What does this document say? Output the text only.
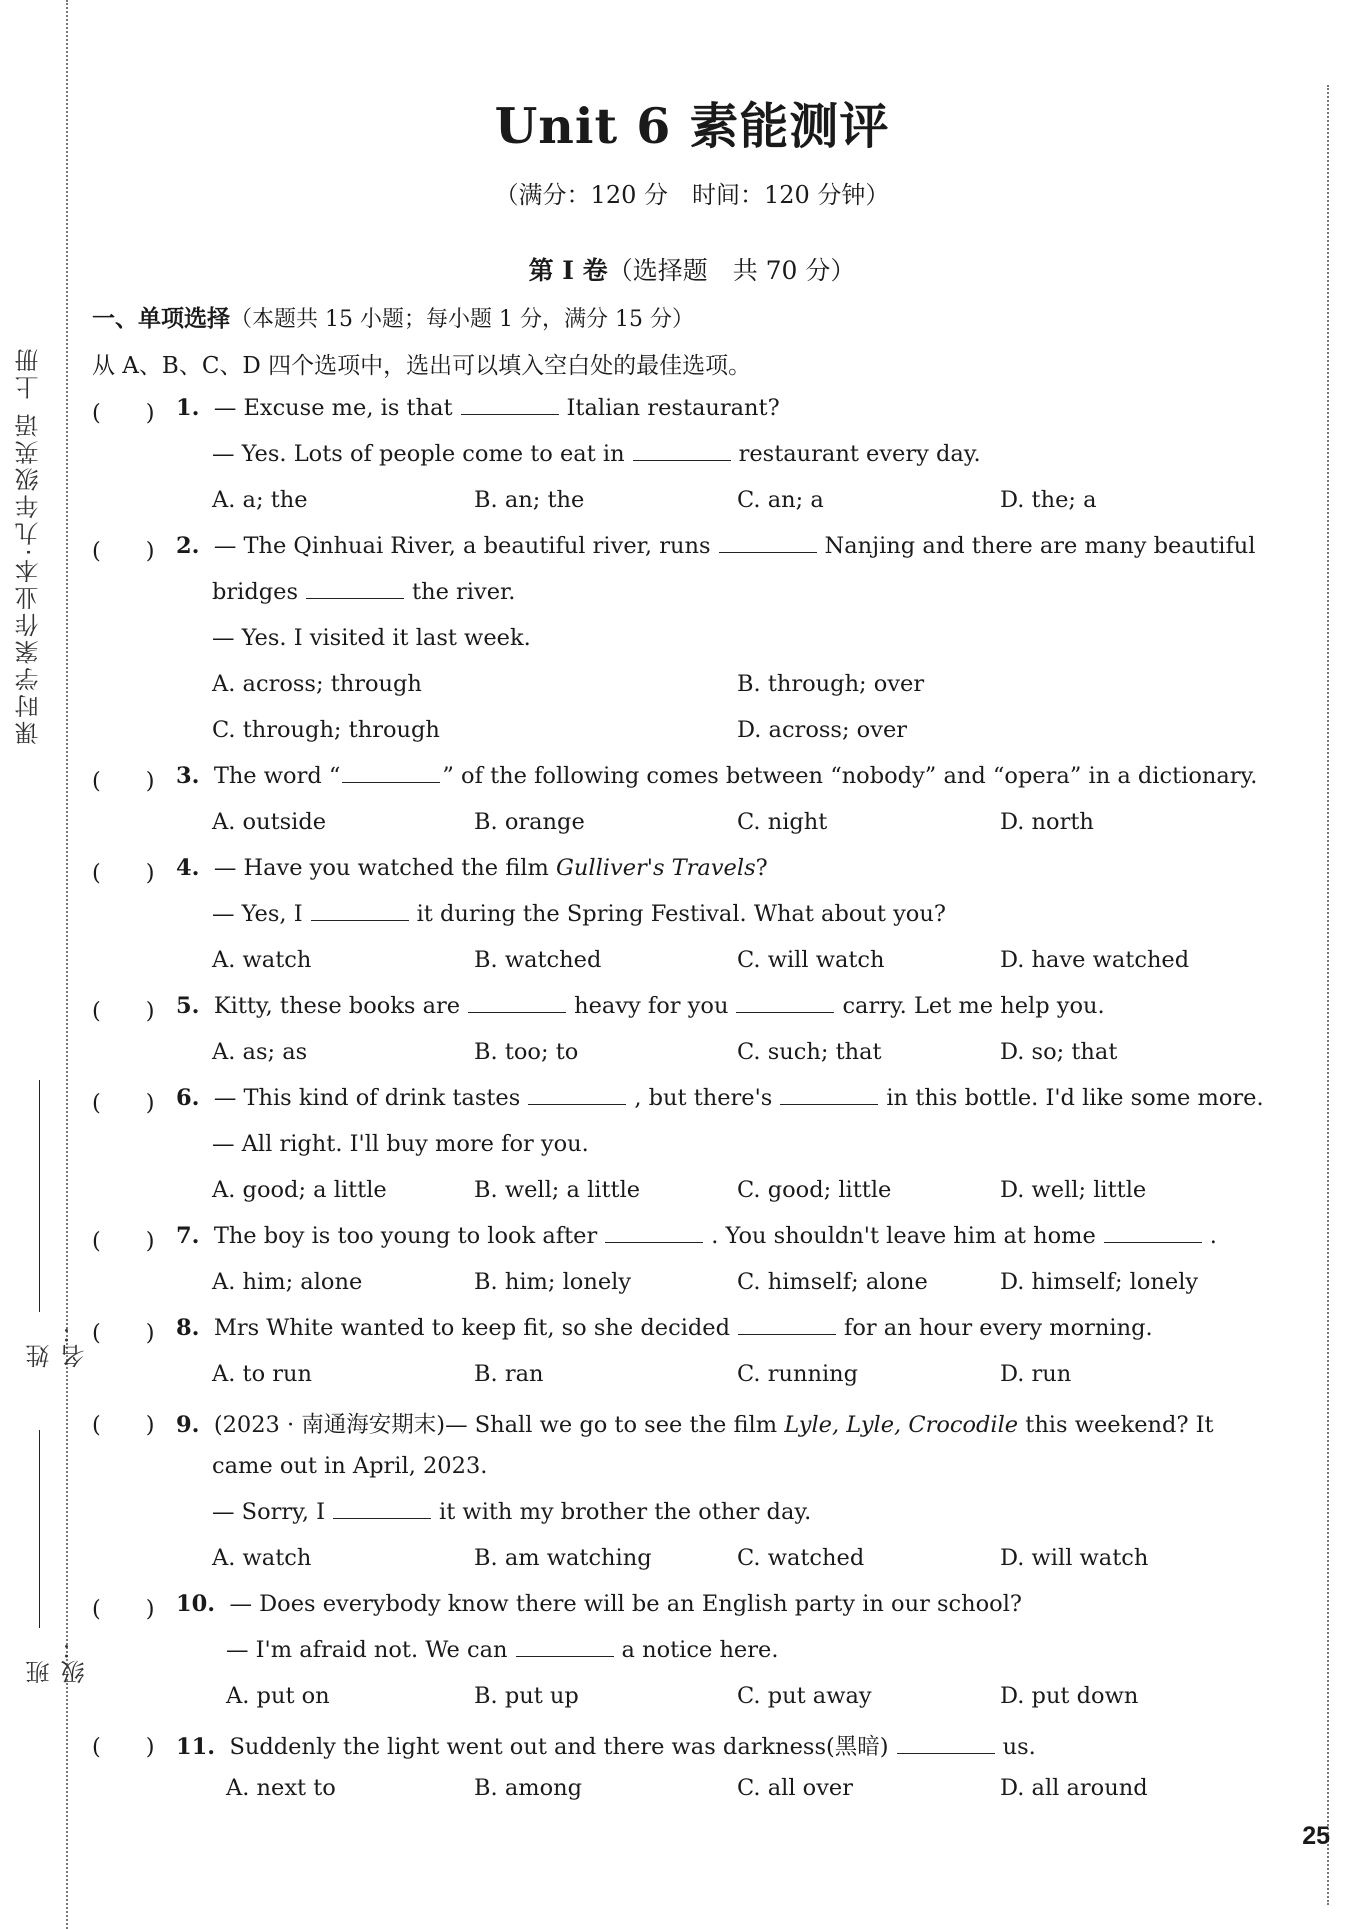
课时学案作业本·九年级英语 上册
姓名：
班级：
Unit 6 素能测评
（满分：120 分　时间：120 分钟）
第 I 卷（选择题　共 70 分）
一、单项选择（本题共 15 小题；每小题 1 分，满分 15 分）
从 A、B、C、D 四个选项中，选出可以填入空白处的最佳选项。
(　　) 1. — Excuse me, is that	Italian restaurant?
— Yes. Lots of people come to eat in	restaurant every day.
A. a; the	B. an; the	C. an; a	D. the; a
(　　) 2. — The Qinhuai River, a beautiful river, runs	Nanjing and there are many beautiful
bridges	the river.
— Yes. I visited it last week.
A. across; through	B. through; over
C. through; through	D. across; over
(　　) 3. The word “	” of the following comes between “nobody” and “opera” in a dictionary.
A. outside	B. orange	C. night	D. north
(　　) 4. — Have you watched the film Gulliver's Travels?
— Yes, I	it during the Spring Festival. What about you?
A. watch	B. watched	C. will watch	D. have watched
(　　) 5. Kitty, these books are	heavy for you	carry. Let me help you.
A. as; as	B. too; to	C. such; that	D. so; that
(　　) 6. — This kind of drink tastes	, but there's	in this bottle. I'd like some more.
— All right. I'll buy more for you.
A. good; a little	B. well; a little	C. good; little	D. well; little
(　　) 7. The boy is too young to look after	. You shouldn't leave him at home	.
A. him; alone	B. him; lonely	C. himself; alone	D. himself; lonely
(　　) 8. Mrs White wanted to keep fit, so she decided	for an hour every morning.
A. to run	B. ran	C. running	D. run
(　　) 9. (2023 · 南通海安期末)— Shall we go to see the film Lyle, Lyle, Crocodile this weekend? It
came out in April, 2023.
— Sorry, I	it with my brother the other day.
A. watch	B. am watching	C. watched	D. will watch
(　　) 10. — Does everybody know there will be an English party in our school?
— I'm afraid not. We can	a notice here.
A. put on	B. put up	C. put away	D. put down
(　　) 11. Suddenly the light went out and there was darkness(黑暗)	us.
A. next to	B. among	C. all over	D. all around
25
